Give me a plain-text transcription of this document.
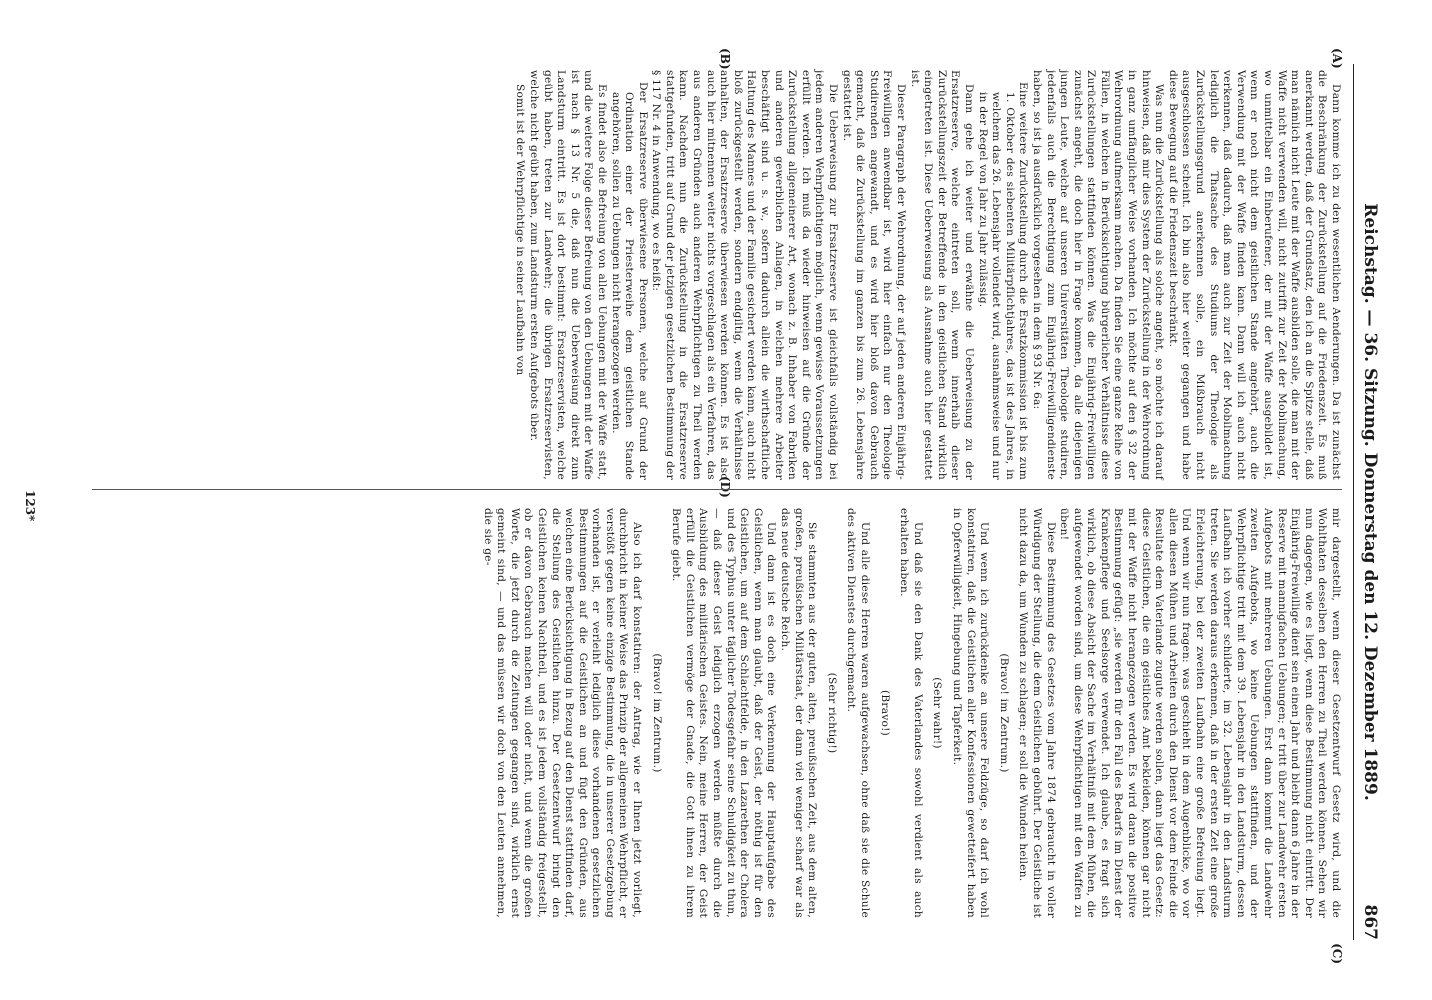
Reichstag. — 36. Sitzung. Donnerstag den 12. Dezember 1889.
867
(A)
(B)
(C)
(D)

Dann komme ich zu den wesentlichen Aenderungen. Da ist zunächst die Beschränkung der Zurückstellung auf die Friedenszeit. Es muß anerkannt werden, daß der Grundsatz, den ich an die Spitze stelle, daß man nämlich nicht Leute mit der Waffe ausbilden solle, die man mit der Waffe nicht verwenden will, nicht zutrifft zur Zeit der Mobilmachung, wo unmittelbar ein Einberufener, der mit der Waffe ausgebildet ist, wenn er noch nicht dem geistlichen Stande angehört, auch die Verwendung mit der Waffe finden kann. Dann will ich auch nicht verkennen, daß dadurch, daß man auch zur Zeit der Mobilmachung lediglich die Thatsache des Studiums der Theologie als Zurückstellungsgrund anerkennen solle, ein Mißbrauch nicht ausgeschlossen scheint. Ich bin also hier weiter gegangen und habe diese Bewegung auf die Friedenszeit beschränkt.

Was nun die Zurückstellung als solche angeht, so möchte ich darauf hinweisen, daß mir dies System der Zurückstellung in der Wehrordnung in ganz umfänglicher Weise vorhanden. Ich möchte auf den § 32 der Wehrordnung aufmerksam machen. Da finden Sie eine ganze Reihe von Fällen, in welchen in Berücksichtigung bürgerlicher Verhältnisse diese Zurückstellungen stattfinden können. Was die Einjährig-Freiwilligen zunächst angeht, die doch hier in Frage kommen, da alle diejenigen jungen Leute, welche auf unseren Universitäten Theologie studiren, jedenfalls auch die Berechtigung zum Einjährig-Freiwilligendienste haben, so ist ja ausdrücklich vorgesehen in dem § 93 Nr. 6a:

Eine weitere Zurückstellung durch die Ersatzkommission ist bis zum 1. Oktober des siebenten Militärpflichtjahres, das ist des Jahres, in welchem das 26. Lebensjahr vollendet wird, ausnahmsweise und nur in der Regel von Jahr zu Jahr zulässig.

Dann gehe ich weiter und erwähne die Ueberweisung zu der Ersatzreserve, welche eintreten soll, wenn innerhalb dieser Zurückstellungszeit der Betreffende in den geistlichen Stand wirklich eingetreten ist. Diese Ueberweisung als Ausnahme auch hier gestattet ist.

Dieser Paragraph der Wehrordnung, der auf jeden anderen Einjährig-Freiwilligen anwendbar ist, wird hier einfach nur den Theologie Studirenden angewandt, und es wird hier bloß davon Gebrauch gemacht, daß die Zurückstellung im ganzen bis zum 26. Lebensjahre gestattet ist.

Die Ueberweisung zur Ersatzreserve ist gleichfalls vollständig bei jedem anderen Wehrpflichtigen möglich, wenn gewisse Voraussetzungen erfüllt werden. Ich muß da wieder hinweisen auf die Gründe der Zurückstellung allgemeinerer Art, wonach z. B. Inhaber von Fabriken und anderen gewerblichen Anlagen, in welchen mehrere Arbeiter beschäftigt sind u. s. w., sofern dadurch allein die wirthschaftliche Haltung des Mannes und der Familie gesichert werden kann, auch nicht bloß zurückgestellt werden, sondern endgiltig, wenn die Verhältnisse anhalten, der Ersatzreserve überwiesen werden können. Es ist also auch hier mitnennen weiter nichts vorgeschlagen als ein Verfahren, das aus anderen Gründen auch anderen Wehrpflichtigen zu Theil werden kann. Nachdem nun die Zurückstellung in die Ersatzreserve stattgefunden, tritt auf Grund der jetzigen gesetzlichen Bestimmung der § 117 Nr. 4 in Anwendung, wo es heißt:

Der Ersatzreserve überwiesene Personen, welche auf Grund der Ordination einer der Priesterweihe dem geistlichen Stande angehören, sollen zu Uebungen nicht herangezogen werden.

Es findet also die Befreiung von allen Uebungen mit der Waffe statt, und die weitere Folge dieser Befreiung von den Uebungen mit der Waffe ist nach § 13 Nr. 5 die, daß nun die Ueberweisung direkt zum Landsturm eintritt. Es ist dort bestimmt: Ersatzreservisten, welche geübt haben, treten zur Landwehr; die übrigen Ersatzreservisten, welche nicht geübt haben, zum Landsturm ersten Aufgebots über.

Somit ist der Wehrpflichtige in seiner Laufbahn von

mir dargestellt, wenn dieser Gesetzentwurf Gesetz wird, und die Wohlthaten desselben den Herren zu Theil werden können. Sehen wir nun dagegen, wie es liegt, wenn diese Bestimmung nicht eintritt. Der Einjährig-Freiwillige dient sein einen Jahr und bleibt dann 6 Jahre in der Reserve mit mannigfachen Uebungen; er tritt über zur Landwehr ersten Aufgebots mit mehreren Uebungen. Erst dann kommt die Landwehr zweiten Aufgebots, wo keine Uebungen stattfinden, und der Wehrpflichtige tritt mit dem 39. Lebensjahr in den Landsturm, dessen Laufbahn ich vorher schilderte, im 32. Lebensjahr in den Landsturm treten. Sie werden daraus erkennen, daß in der ersten Zeit eine große Erleichterung, bei der zweiten Laufbahn eine große Befreiung liegt. Und wenn wir nun fragen: was geschieht in dem Augenblicke, wo vor allen diesen Mühen und Arbeiten durch den Dienst vor dem Feinde die Resultate dem Vaterlande zugute werden sollen, dann liegt das Gesetz: diese Geistlichen, die ein geistliches Amt bekleiden, können gar nicht mit der Waffe nicht herangezogen werden. Es wird daran die positive Bestimmung gefügt: „sie werden für den Fall des Bedarfs im Dienst der Krankenpflege und Seelsorge verwendet. Ich glaube, es fragt sich wirklich, ob diese Absicht der Sache im Verhältniß mit dem Mühen, die aufgewendet worden sind, um diese Wehrpflichtigen mit den Waffen zu üben!

Diese Bestimmung des Gesetzes vom Jahre 1874 gebraucht in voller Würdigung der Stellung, die dem Geistlichen gebührt. Der Geistliche ist nicht dazu da, um Wunden zu schlagen; er soll die Wunden heilen.

(Bravo! im Zentrum.)

Und wenn ich zurückdenke an unsere Feldzüge, so darf ich wohl konstatiren, daß die Geistlichen aller Konfessionen gewetteifert haben in Opferwilligkeit, Hingebung und Tapferkeit.

(Sehr wahr!)

Und daß sie den Dank des Vaterlandes sowohl verdient als auch erhalten haben.

(Bravo!)

Und alle diese Herren waren aufgewachsen, ohne daß sie die Schule des aktiven Dienstes durchgemacht.

(Sehr richtig!)

Sie stammten aus der guten, alten, preußischen Zeit, aus dem alten, großen, preußischen Militärstaat, der dann viel weniger scharf war als das neue deutsche Reich.

Und dann ist es doch eine Verkennung der Hauptaufgabe des Geistlichen, wenn man glaubt, daß der Geist, der nöthig ist für den Geistlichen, um auf dem Schlachtfelde, in den Lazarethen der Cholera und des Typhus unter täglicher Todesgefahr seine Schuldigkeit zu thun, — daß dieser Geist lediglich erzogen werden müßte durch die Ausbildung des militärischen Geistes. Nein, meine Herren, der Geist erfüllt die Geistlichen vermöge der Gnade, die Gott ihnen zu ihrem Berufe giebt.

(Bravo! im Zentrum.)

Also ich darf konstatiren: der Antrag, wie er Ihnen jetzt vorliegt, durchbricht in keiner Weise das Prinzip der allgemeinen Wehrpflicht, er verstößt gegen keine einzige Bestimmung, die in unserer Gesetzgebung vorhanden ist, er verleiht lediglich diese vorhandenen gesetzlichen Bestimmungen auf die Geistlichen an und fügt den Gründen, aus welchen eine Berücksichtigung in Bezug auf den Dienst stattfinden darf, die Stellung des Geistlichen hinzu. Der Gesetzentwurf bringt den Geistlichen keinen Nachtheil, und es ist jedem vollständig freigestellt, ob er davon Gebrauch machen will oder nicht, und wenn die großen Worte, die jetzt durch die Zeitungen gegangen sind, wirklich ernst gemeint sind, — und das müssen wir doch von den Leuten annehmen, die sie ge-

123*
